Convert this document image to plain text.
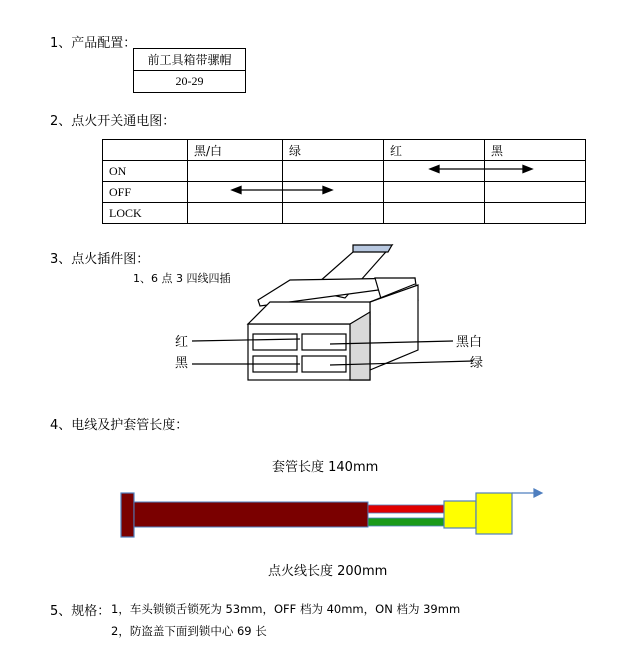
1、产品配置：
前工具箱带骡帽
20-29
2、点火开关通电图：
	黑/白	绿	红	黑
ON				
OFF				
LOCK				
3、点火插件图：
1、6 点 3 四线四插
红
黑
黑白
绿
4、电线及护套管长度：
套管长度 140mm
点火线长度 200mm
5、规格： 1，车头锁锁舌锁死为 53mm，OFF 档为 40mm，ON 档为 39mm
2，防盗盖下面到锁中心 69 长
